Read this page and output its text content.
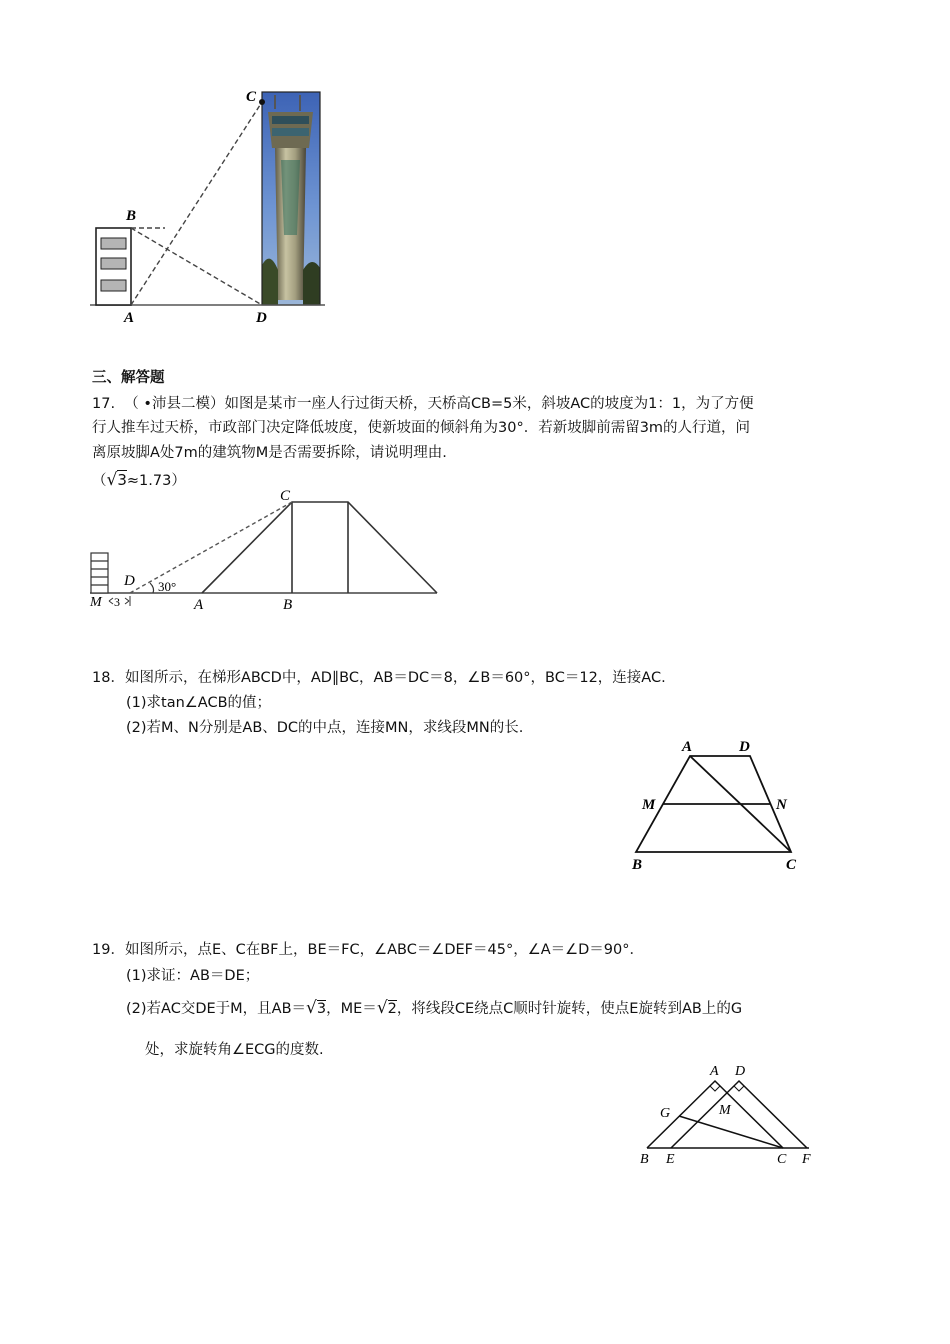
C
B
A	D
三、解答题
17.  （ •沛县二模）如图是某市一座人行过街天桥，天桥高CB=5米，斜坡AC的坡度为1：1，为了方便
行人推车过天桥，市政部门决定降低坡度，使新坡面的倾斜角为30°．若新坡脚前需留3m的人行道，问
离原坡脚A处7m的建筑物M是否需要拆除，请说明理由.
（√3≈1.73）
C
D 30°
A	B
M 3
18．如图所示，在梯形ABCD中，AD∥BC，AB＝DC＝8，∠B＝60°，BC＝12，连接AC.
(1)求tan∠ACB的值；
(2)若M、N分别是AB、DC的中点，连接MN，求线段MN的长.
A	D
M	N
B	C
19．如图所示，点E、C在BF上，BE＝FC，∠ABC＝∠DEF＝45°，∠A＝∠D＝90°．
(1)求证：AB＝DE；
(2)若AC交DE于M，且AB＝√3，ME＝√2，将线段CE绕点C顺时针旋转，使点E旋转到AB上的G
处，求旋转角∠ECG的度数.
A D
G	M
B E	C F
